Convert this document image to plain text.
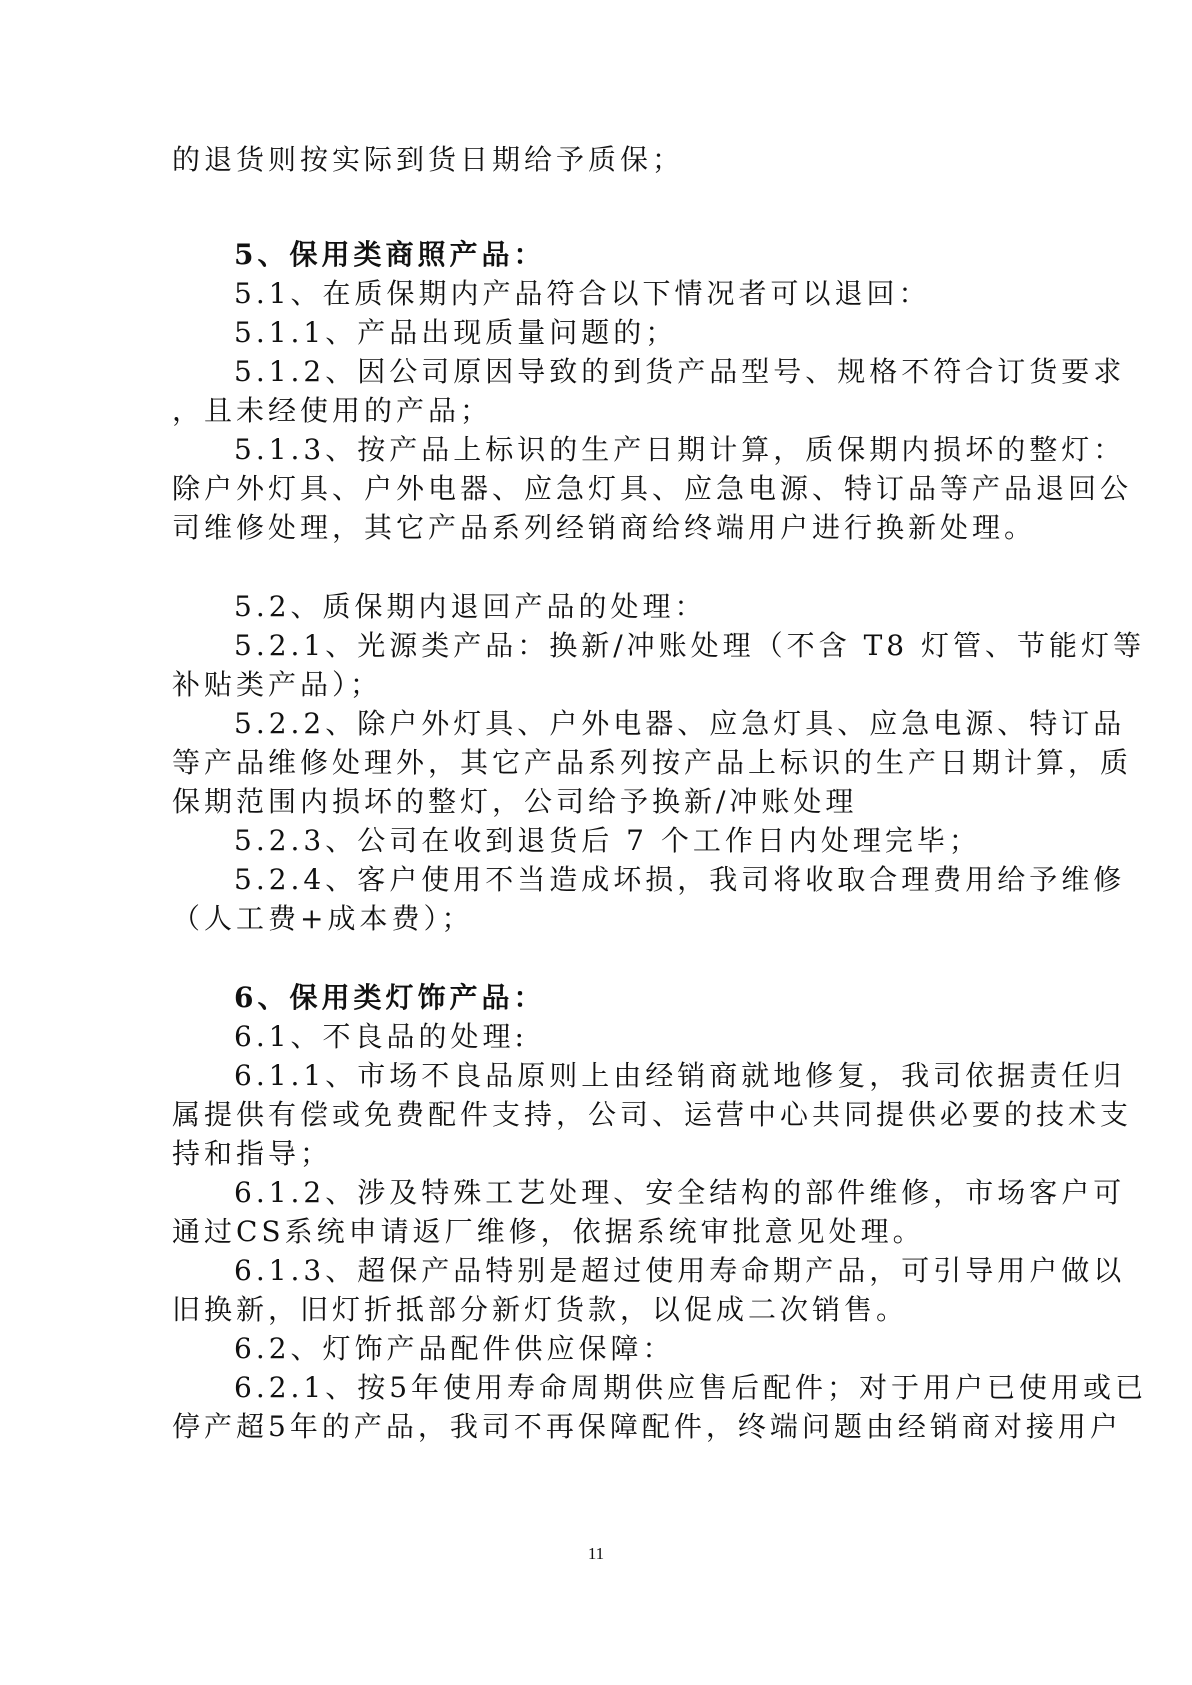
的退货则按实际到货日期给予质保；
5、保用类商照产品：
5.1、在质保期内产品符合以下情况者可以退回：
5.1.1、产品出现质量问题的；
5.1.2、因公司原因导致的到货产品型号、规格不符合订货要求
，且未经使用的产品；
5.1.3、按产品上标识的生产日期计算，质保期内损坏的整灯：
除户外灯具、户外电器、应急灯具、应急电源、特订品等产品退回公
司维修处理，其它产品系列经销商给终端用户进行换新处理。
5.2、质保期内退回产品的处理：
5.2.1、光源类产品：换新/冲账处理（不含 T8 灯管、节能灯等
补贴类产品）；
5.2.2、除户外灯具、户外电器、应急灯具、应急电源、特订品
等产品维修处理外，其它产品系列按产品上标识的生产日期计算，质
保期范围内损坏的整灯，公司给予换新/冲账处理
5.2.3、公司在收到退货后 7 个工作日内处理完毕；
5.2.4、客户使用不当造成坏损，我司将收取合理费用给予维修
（人工费+成本费）；
6、保用类灯饰产品：
6.1、不良品的处理:
6.1.1、市场不良品原则上由经销商就地修复，我司依据责任归
属提供有偿或免费配件支持，公司、运营中心共同提供必要的技术支
持和指导；
6.1.2、涉及特殊工艺处理、安全结构的部件维修，市场客户可
通过CS系统申请返厂维修，依据系统审批意见处理。
6.1.3、超保产品特别是超过使用寿命期产品，可引导用户做以
旧换新，旧灯折抵部分新灯货款，以促成二次销售。
6.2、灯饰产品配件供应保障：
6.2.1、按5年使用寿命周期供应售后配件；对于用户已使用或已
停产超5年的产品，我司不再保障配件，终端问题由经销商对接用户
11
